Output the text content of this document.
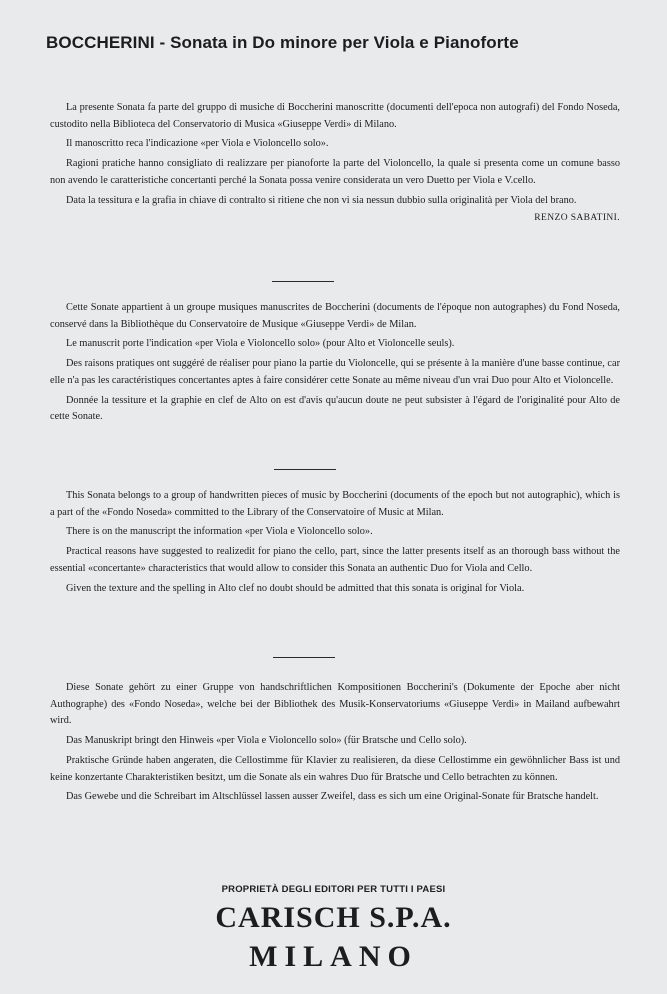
BOCCHERINI - Sonata in Do minore per Viola e Pianoforte

La presente Sonata fa parte del gruppo di musiche di Boccherini manoscritte (documenti dell'epoca non autografi) del Fondo Noseda, custodito nella Biblioteca del Conservatorio di Musica «Giuseppe Verdi» di Milano.

Il manoscritto reca l'indicazione «per Viola e Violoncello solo».

Ragioni pratiche hanno consigliato di realizzare per pianoforte la parte del Violoncello, la quale si presenta come un comune basso non avendo le caratteristiche concertanti perché la Sonata possa venire considerata un vero Duetto per Viola e V.cello.

Data la tessitura e la grafia in chiave di contralto si ritiene che non vi sia nessun dubbio sulla originalità per Viola del brano.

RENZO SABATINI.

Cette Sonate appartient à un groupe musiques manuscrites de Boccherini (documents de l'époque non autographes) du Fond Noseda, conservé dans la Bibliothèque du Conservatoire de Musique «Giuseppe Verdi» de Milan.

Le manuscrit porte l'indication «per Viola e Violoncello solo» (pour Alto et Violoncelle seuls).

Des raisons pratiques ont suggéré de réaliser pour piano la partie du Violoncelle, qui se présente à la manière d'une basse continue, car elle n'a pas les caractéristiques concertantes aptes à faire considérer cette Sonate au même niveau d'un vrai Duo pour Alto et Violoncelle.

Donnée la tessiture et la graphie en clef de Alto on est d'avis qu'aucun doute ne peut subsister à l'égard de l'originalité pour Alto de cette Sonate.

This Sonata belongs to a group of handwritten pieces of music by Boccherini (documents of the epoch but not autographic), which is a part of the «Fondo Noseda» committed to the Library of the Conservatoire of Music at Milan.

There is on the manuscript the information «per Viola e Violoncello solo».

Practical reasons have suggested to realizedit for piano the cello, part, since the latter presents itself as an thorough bass without the essential «concertante» characteristics that would allow to consider this Sonata an authentic Duo for Viola and Cello.

Given the texture and the spelling in Alto clef no doubt should be admitted that this sonata is original for Viola.

Diese Sonate gehört zu einer Gruppe von handschriftlichen Kompositionen Boccherini's (Dokumente der Epoche aber nicht Authographe) des «Fondo Noseda», welche bei der Bibliothek des Musik-Konservatoriums «Giuseppe Verdi» in Mailand aufbewahrt wird.

Das Manuskript bringt den Hinweis «per Viola e Violoncello solo» (für Bratsche und Cello solo).

Praktische Gründe haben angeraten, die Cellostimme für Klavier zu realisieren, da diese Cellostimme ein gewöhnlicher Bass ist und keine konzertante Charakteristiken besitzt, um die Sonate als ein wahres Duo für Bratsche und Cello betrachten zu können.

Das Gewebe und die Schreibart im Altschlüssel lassen ausser Zweifel, dass es sich um eine Original-Sonate für Bratsche handelt.

PROPRIETÀ DEGLI EDITORI PER TUTTI I PAESI
CARISCH S.P.A.
MILANO
